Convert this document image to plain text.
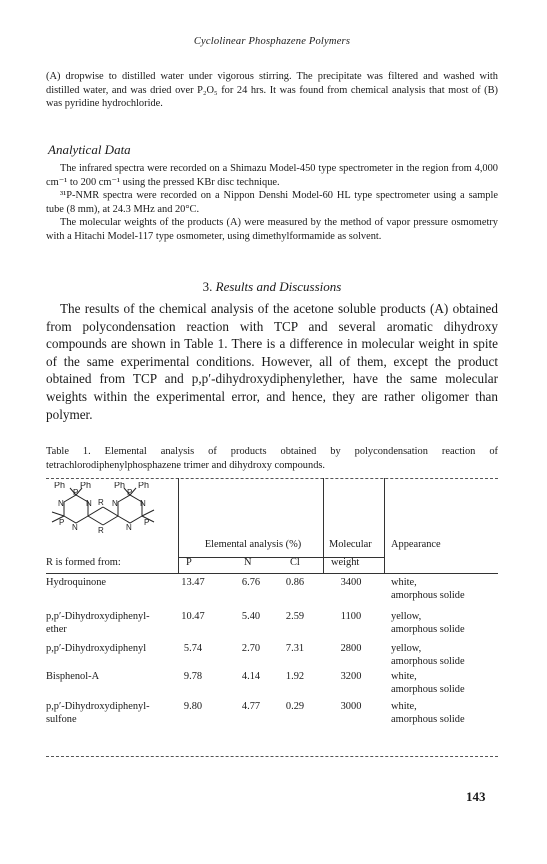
Cyclolinear Phosphazene Polymers

(A) dropwise to distilled water under vigorous stirring. The precipitate was filtered and washed with distilled water, and was dried over P₂O₅ for 24 hrs. It was found from chemical analysis that most of (B) was pyridine hydrochloride.

Analytical Data

The infrared spectra were recorded on a Shimazu Model-450 type spectrometer in the region from 4,000 cm⁻¹ to 200 cm⁻¹ using the pressed KBr disc technique.

³¹P-NMR spectra were recorded on a Nippon Denshi Model-60 HL type spectrometer using a sample tube (8 mm), at 24.3 MHz and 20°C.

The molecular weights of the products (A) were measured by the method of vapor pressure osmometry with a Hitachi Model-117 type osmometer, using dimethylformamide as solvent.

3. Results and Discussions

The results of the chemical analysis of the acetone soluble products (A) obtained from polycondensation reaction with TCP and several aromatic dihydroxy compounds are shown in Table 1. There is a difference in molecular weight in spite of the same experimental conditions. However, all of them, except the product obtained from TCP and p,p′-dihydroxydiphenylether, have the same molecular weights within the experimental error, and hence, they are rather oligomer than polymer.

Table 1. Elemental analysis of products obtained by polycondensation reaction of tetrachlorodiphenylphosphazene trimer and dihydroxy compounds.

Ph Ph	Ph Ph
N	N	N	N
P	P
N	N
P	P
R
R
R is formed from:
Elemental analysis (%)
P	N	Cl
Molecular
weight
Appearance
Hydroquinone	13.47	6.76	0.86	3400	white,
amorphous solide
p,p′-Dihydroxydiphenyl-
ether
10.47	5.40	2.59	1100	yellow,
amorphous solide
p,p′-Dihydroxydiphenyl	5.74	2.70	7.31	2800	yellow,
amorphous solide
Bisphenol-A	9.78	4.14	1.92	3200	white,
amorphous solide
p,p′-Dihydroxydiphenyl-
sulfone
9.80	4.77	0.29	3000	white,
amorphous solide
143
